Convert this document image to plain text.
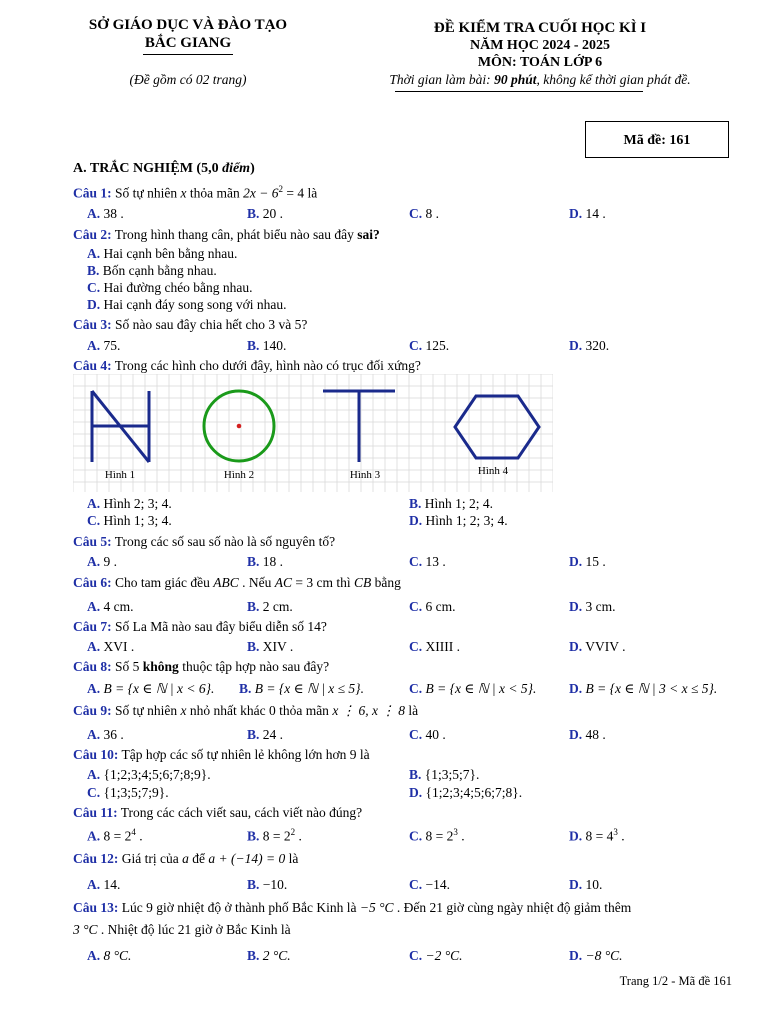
SỞ GIÁO DỤC VÀ ĐÀO TẠO
BẮC GIANG
(Đề gồm có 02 trang)
ĐỀ KIỂM TRA CUỐI HỌC KÌ I
NĂM HỌC 2024 - 2025
MÔN: TOÁN LỚP 6
Thời gian làm bài: 90 phút, không kể thời gian phát đề.
Mã đề: 161
A. TRẮC NGHIỆM (5,0 điểm)
Câu 1: Số tự nhiên x thỏa mãn $2x - 6^2 = 4$ là
A. 38 .	B. 20 .	C. 8 .	D. 14 .
Câu 2: Trong hình thang cân, phát biểu nào sau đây sai?
A. Hai cạnh bên bằng nhau.
B. Bốn cạnh bằng nhau.
C. Hai đường chéo bằng nhau.
D. Hai cạnh đáy song song với nhau.
Câu 3: Số nào sau đây chia hết cho 3 và 5?
A. 75.	B. 140.	C. 125.	D. 320.
Câu 4: Trong các hình cho dưới đây, hình nào có trục đối xứng?
Hình 1	Hình 2	Hình 3	Hình 4
A. Hình 2; 3; 4.	B. Hình 1; 2; 4.
C. Hình 1; 3; 4.	D. Hình 1; 2; 3; 4.
Câu 5: Trong các số sau số nào là số nguyên tố?
A. 9 .	B. 18 .	C. 13 .	D. 15 .
Câu 6: Cho tam giác đều ABC . Nếu AC = 3 cm thì CB bằng
A. 4 cm.	B. 2 cm.	C. 6 cm.	D. 3 cm.
Câu 7: Số La Mã nào sau đây biểu diễn số 14?
A. XVI .	B. XIV .	C. XIIII .	D. VVIV .
Câu 8: Số 5 không thuộc tập hợp nào sau đây?
A. B = {x ∈ ℕ | x < 6}. B. B = {x ∈ ℕ | x ≤ 5}.	C. B = {x ∈ ℕ | x < 5}. D. B = {x ∈ ℕ | 3 < x ≤ 5}.
Câu 9: Số tự nhiên x nhỏ nhất khác 0 thỏa mãn x ⋮ 6, x ⋮ 8 là
A. 36 .	B. 24 .	C. 40 .	D. 48 .
Câu 10: Tập hợp các số tự nhiên lẻ không lớn hơn 9 là
A. {1;2;3;4;5;6;7;8;9}.	B. {1;3;5;7}.
C. {1;3;5;7;9}.	D. {1;2;3;4;5;6;7;8}.
Câu 11: Trong các cách viết sau, cách viết nào đúng?
A. $8 = 2^4$ .	B. $8 = 2^2$ .	C. $8 = 2^3$ .	D. $8 = 4^3$ .
Câu 12: Giá trị của a để a + (−14) = 0 là
A. 14.	B. −10.	C. −14.	D. 10.
Câu 13: Lúc 9 giờ nhiệt độ ở thành phố Bắc Kinh là −5 °C . Đến 21 giờ cùng ngày nhiệt độ giảm thêm
3 °C . Nhiệt độ lúc 21 giờ ở Bắc Kinh là
A. 8 °C.	B. 2 °C.	C. −2 °C.	D. −8 °C.
Trang 1/2 - Mã đề 161
